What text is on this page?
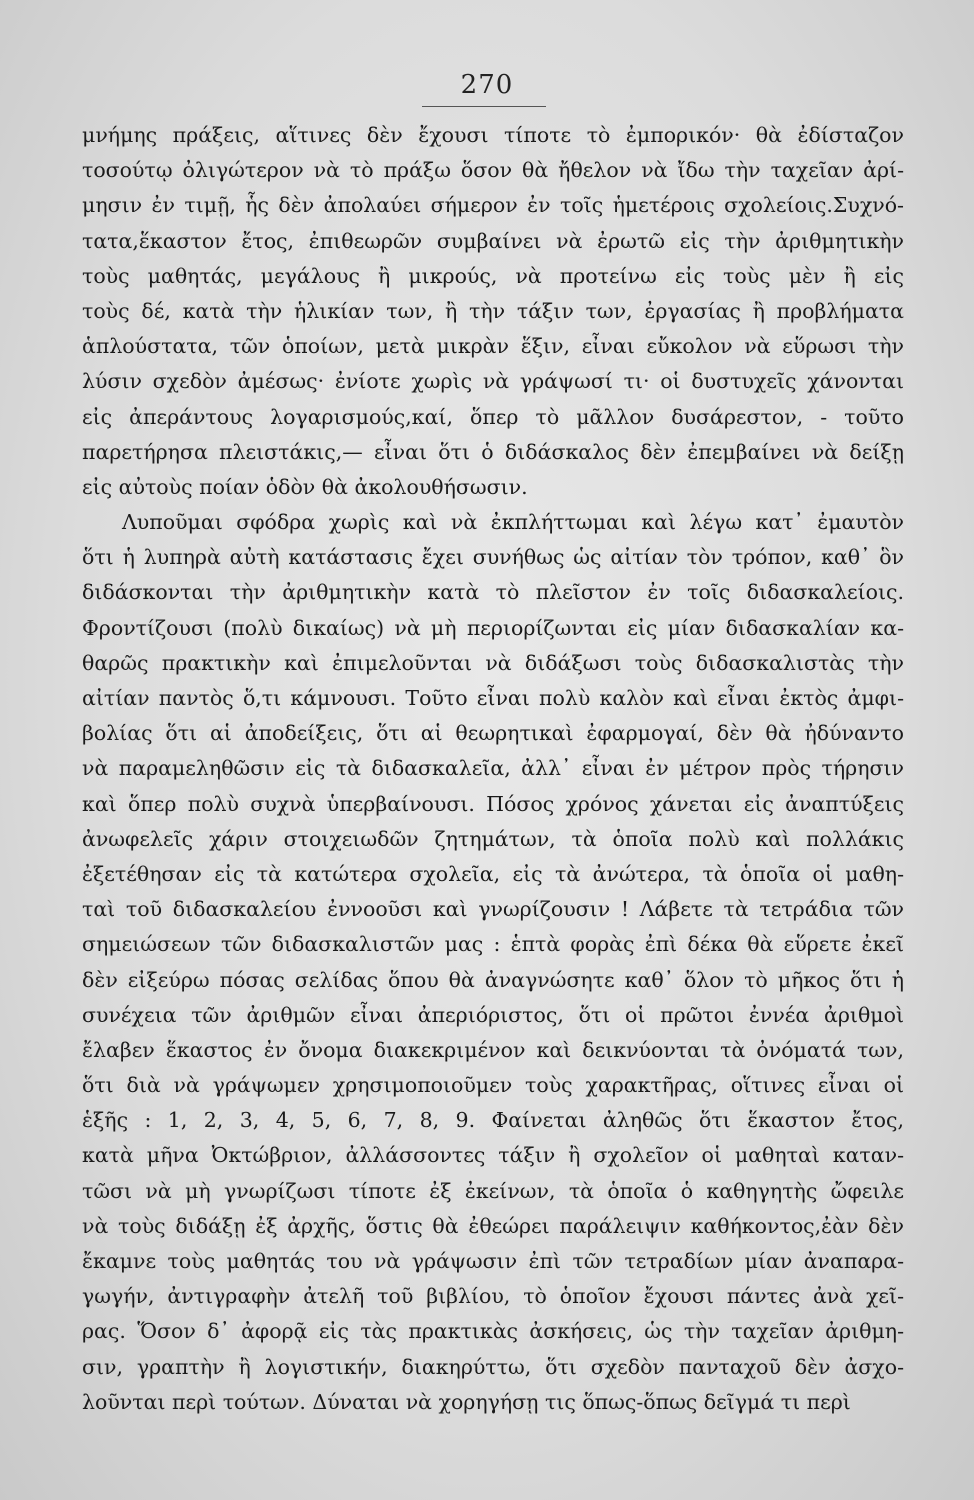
270
μνήμης πράξεις, αἵτινες δὲν ἔχουσι τίποτε τὸ ἐμπορικόν· θὰ ἐδίσταζον
τοσούτῳ ὀλιγώτερον νὰ τὸ πράξω ὅσον θὰ ἤθελον νὰ ἴδω τὴν ταχεῖαν ἀρί-
μησιν ἐν τιμῇ, ἧς δὲν ἀπολαύει σήμερον ἐν τοῖς ἡμετέροις σχολείοις.Συχνό-
τατα,ἕκαστον ἔτος, ἐπιθεωρῶν συμβαίνει νὰ ἐρωτῶ εἰς τὴν ἀριθμητικὴν
τοὺς μαθητάς, μεγάλους ἢ μικρούς, νὰ προτείνω εἰς τοὺς μὲν ἢ εἰς
τοὺς δέ, κατὰ τὴν ἡλικίαν των, ἢ τὴν τάξιν των, ἐργασίας ἢ προβλήματα
ἁπλούστατα, τῶν ὁποίων, μετὰ μικρὰν ἕξιν, εἶναι εὔκολον νὰ εὕρωσι τὴν
λύσιν σχεδὸν ἀμέσως· ἐνίοτε χωρὶς νὰ γράψωσί τι· οἱ δυστυχεῖς χάνονται
εἰς ἀπεράντους λογαρισμούς,καί, ὅπερ τὸ μᾶλλον δυσάρεστον, - τοῦτο
παρετήρησα πλειστάκις,— εἶναι ὅτι ὁ διδάσκαλος δὲν ἐπεμβαίνει νὰ δείξῃ
εἰς αὐτοὺς ποίαν ὁδὸν θὰ ἀκολουθήσωσιν.
Λυποῦμαι σφόδρα χωρὶς καὶ νὰ ἐκπλήττωμαι καὶ λέγω κατ᾽ ἐμαυτὸν
ὅτι ἡ λυπηρὰ αὐτὴ κατάστασις ἔχει συνήθως ὡς αἰτίαν τὸν τρόπον, καθ᾽ ὃν
διδάσκονται τὴν ἀριθμητικὴν κατὰ τὸ πλεῖστον ἐν τοῖς διδασκαλείοις.
Φροντίζουσι (πολὺ δικαίως) νὰ μὴ περιορίζωνται εἰς μίαν διδασκαλίαν κα-
θαρῶς πρακτικὴν καὶ ἐπιμελοῦνται νὰ διδάξωσι τοὺς διδασκαλιστὰς τὴν
αἰτίαν παντὸς ὅ,τι κάμνουσι. Τοῦτο εἶναι πολὺ καλὸν καὶ εἶναι ἐκτὸς ἀμφι-
βολίας ὅτι αἱ ἀποδείξεις, ὅτι αἱ θεωρητικαὶ ἐφαρμογαί, δὲν θὰ ἠδύναντο
νὰ παραμεληθῶσιν εἰς τὰ διδασκαλεῖα, ἀλλ᾽ εἶναι ἐν μέτρον πρὸς τήρησιν
καὶ ὅπερ πολὺ συχνὰ ὑπερβαίνουσι. Πόσος χρόνος χάνεται εἰς ἀναπτύξεις
ἀνωφελεῖς χάριν στοιχειωδῶν ζητημάτων, τὰ ὁποῖα πολὺ καὶ πολλάκις
ἐξετέθησαν εἰς τὰ κατώτερα σχολεῖα, εἰς τὰ ἀνώτερα, τὰ ὁποῖα οἱ μαθη-
ταὶ τοῦ διδασκαλείου ἐννοοῦσι καὶ γνωρίζουσιν ! Λάβετε τὰ τετράδια τῶν
σημειώσεων τῶν διδασκαλιστῶν μας : ἑπτὰ φορὰς ἐπὶ δέκα θὰ εὕρετε ἐκεῖ
δὲν εἰξεύρω πόσας σελίδας ὅπου θὰ ἀναγνώσητε καθ᾽ ὅλον τὸ μῆκος ὅτι ἡ
συνέχεια τῶν ἀριθμῶν εἶναι ἀπεριόριστος, ὅτι οἱ πρῶτοι ἐννέα ἀριθμοὶ
ἔλαβεν ἕκαστος ἐν ὄνομα διακεκριμένον καὶ δεικνύονται τὰ ὀνόματά των,
ὅτι διὰ νὰ γράψωμεν χρησιμοποιοῦμεν τοὺς χαρακτῆρας, οἵτινες εἶναι οἱ
ἑξῆς : 1, 2, 3, 4, 5, 6, 7, 8, 9. Φαίνεται ἀληθῶς ὅτι ἕκαστον ἔτος,
κατὰ μῆνα Ὀκτώβριον, ἀλλάσσοντες τάξιν ἢ σχολεῖον οἱ μαθηταὶ καταν-
τῶσι νὰ μὴ γνωρίζωσι τίποτε ἐξ ἐκείνων, τὰ ὁποῖα ὁ καθηγητὴς ὤφειλε
νὰ τοὺς διδάξῃ ἐξ ἀρχῆς, ὅστις θὰ ἐθεώρει παράλειψιν καθήκοντος,ἐὰν δὲν
ἔκαμνε τοὺς μαθητάς του νὰ γράψωσιν ἐπὶ τῶν τετραδίων μίαν ἀναπαρα-
γωγήν, ἀντιγραφὴν ἀτελῆ τοῦ βιβλίου, τὸ ὁποῖον ἔχουσι πάντες ἀνὰ χεῖ-
ρας. Ὅσον δ᾽ ἀφορᾷ εἰς τὰς πρακτικὰς ἀσκήσεις, ὡς τὴν ταχεῖαν ἀριθμη-
σιν, γραπτὴν ἢ λογιστικήν, διακηρύττω, ὅτι σχεδὸν πανταχοῦ δὲν ἀσχο-
λοῦνται περὶ τούτων. Δύναται νὰ χορηγήσῃ τις ὅπως-ὅπως δεῖγμά τι περὶ
